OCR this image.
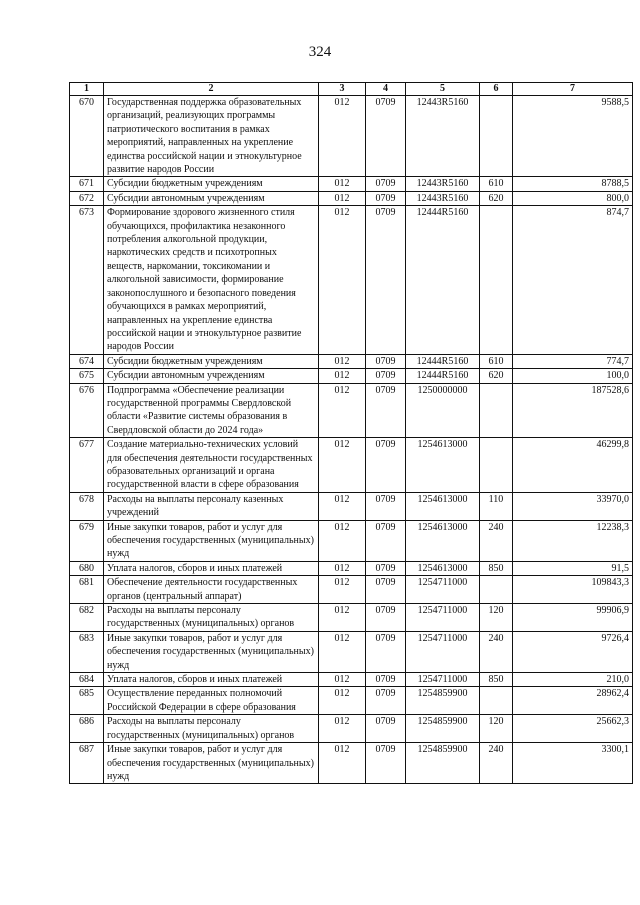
324
1	2	3	4	5	6	7
670	Государственная поддержка образовательных организаций, реализующих программы патриотического воспитания в рамках мероприятий, направленных на укрепление единства российской нации и этнокультурное развитие народов России	012	0709	12443R5160		9588,5
671	Субсидии бюджетным учреждениям	012	0709	12443R5160	610	8788,5
672	Субсидии автономным учреждениям	012	0709	12443R5160	620	800,0
673	Формирование здорового жизненного стиля обучающихся, профилактика незаконного потребления алкогольной продукции, наркотических средств и психотропных веществ, наркомании, токсикомании и алкогольной зависимости, формирование законопослушного и безопасного поведения обучающихся в рамках мероприятий, направленных на укрепление единства российской нации и этнокультурное развитие народов России	012	0709	12444R5160		874,7
674	Субсидии бюджетным учреждениям	012	0709	12444R5160	610	774,7
675	Субсидии автономным учреждениям	012	0709	12444R5160	620	100,0
676	Подпрограмма «Обеспечение реализации государственной программы Свердловской области «Развитие системы образования в Свердловской области до 2024 года»	012	0709	1250000000		187528,6
677	Создание материально-технических условий для обеспечения деятельности государственных образовательных организаций и органа государственной власти в сфере образования	012	0709	1254613000		46299,8
678	Расходы на выплаты персоналу казенных учреждений	012	0709	1254613000	110	33970,0
679	Иные закупки товаров, работ и услуг для обеспечения государственных (муниципальных) нужд	012	0709	1254613000	240	12238,3
680	Уплата налогов, сборов и иных платежей	012	0709	1254613000	850	91,5
681	Обеспечение деятельности государственных органов (центральный аппарат)	012	0709	1254711000		109843,3
682	Расходы на выплаты персоналу государственных (муниципальных) органов	012	0709	1254711000	120	99906,9
683	Иные закупки товаров, работ и услуг для обеспечения государственных (муниципальных) нужд	012	0709	1254711000	240	9726,4
684	Уплата налогов, сборов и иных платежей	012	0709	1254711000	850	210,0
685	Осуществление переданных полномочий Российской Федерации в сфере образования	012	0709	1254859900		28962,4
686	Расходы на выплаты персоналу государственных (муниципальных) органов	012	0709	1254859900	120	25662,3
687	Иные закупки товаров, работ и услуг для обеспечения государственных (муниципальных) нужд	012	0709	1254859900	240	3300,1
